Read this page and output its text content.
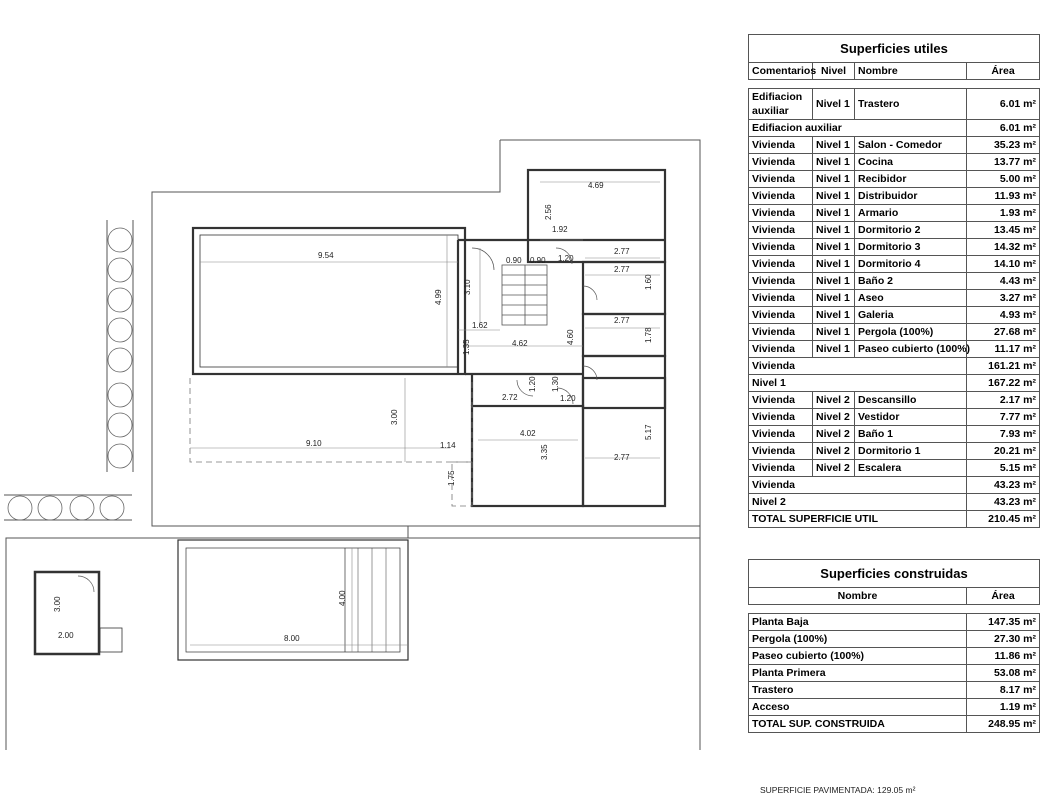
9.54
4.99
3.10
1.62
0.90 0.90 1.20
4.69
2.56
1.92
2.77
2.77
1.60
4.60
2.77
1.78
4.62
1.35
1.20
2.72
1.30
1.20
4.02
3.35	2.77
5.17
3.00
9.10	1.14
1.75
8.00
4.00
3.00
2.00
Superficies utiles
Comentarios	Nivel	Nombre	Área

Edifiacion auxiliar	Nivel 1	Trastero	6.01 m²
Edifiacion auxiliar			6.01 m²
Vivienda	Nivel 1	Salon - Comedor	35.23 m²
Vivienda	Nivel 1	Cocina	13.77 m²
Vivienda	Nivel 1	Recibidor	5.00 m²
Vivienda	Nivel 1	Distribuidor	11.93 m²
Vivienda	Nivel 1	Armario	1.93 m²
Vivienda	Nivel 1	Dormitorio 2	13.45 m²
Vivienda	Nivel 1	Dormitorio 3	14.32 m²
Vivienda	Nivel 1	Dormitorio 4	14.10 m²
Vivienda	Nivel 1	Baño 2	4.43 m²
Vivienda	Nivel 1	Aseo	3.27 m²
Vivienda	Nivel 1	Galeria	4.93 m²
Vivienda	Nivel 1	Pergola (100%)	27.68 m²
Vivienda	Nivel 1	Paseo cubierto (100%)	11.17 m²
Vivienda			161.21 m²
Nivel 1			167.22 m²
Vivienda	Nivel 2	Descansillo	2.17 m²
Vivienda	Nivel 2	Vestidor	7.77 m²
Vivienda	Nivel 2	Baño 1	7.93 m²
Vivienda	Nivel 2	Dormitorio 1	20.21 m²
Vivienda	Nivel 2	Escalera	5.15 m²
Vivienda			43.23 m²
Nivel 2			43.23 m²
TOTAL SUPERFICIE UTIL			210.45 m²
Superficies construidas
Nombre	Área

Planta Baja	147.35 m²
Pergola (100%)	27.30 m²
Paseo cubierto (100%)	11.86 m²
Planta Primera	53.08 m²
Trastero	8.17 m²
Acceso	1.19 m²
TOTAL SUP. CONSTRUIDA	248.95 m²
SUPERFICIE PAVIMENTADA: 129.05 m²
